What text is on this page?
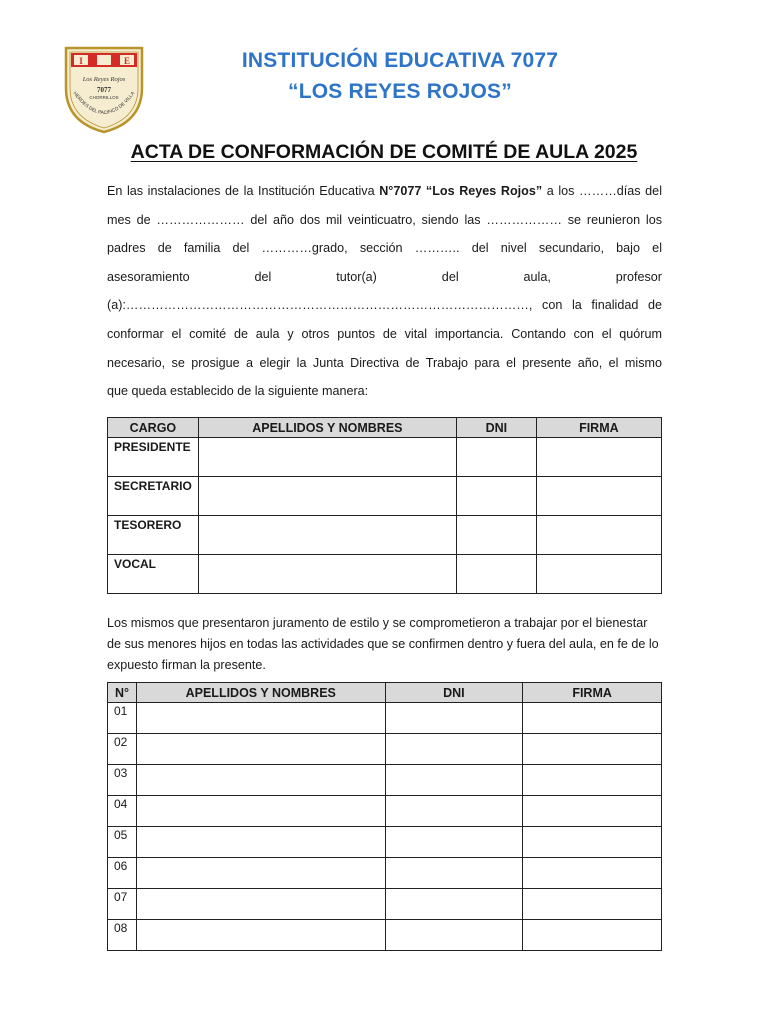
I	E
Los Reyes Rojos
7077
CHORRILLOS
HEROES DEL PACIFICO DE VILLA
INSTITUCIÓN EDUCATIVA 7077
“LOS REYES ROJOS”
ACTA DE CONFORMACIÓN DE COMITÉ DE AULA 2025
En las instalaciones de la Institución Educativa N°7077 “Los Reyes Rojos” a los ………días del
mes de ………………… del año dos mil veinticuatro, siendo las ……………… se reunieron los
padres de familia del …………grado, sección ……….. del nivel secundario, bajo el
asesoramiento del tutor(a) del aula, profesor
(a):……………………………………………………………………………………, con la finalidad de
conformar el comité de aula y otros puntos de vital importancia. Contando con el quórum
necesario, se prosigue a elegir la Junta Directiva de Trabajo para el presente año, el mismo
que queda establecido de la siguiente manera:
CARGO	APELLIDOS Y NOMBRES	DNI	FIRMA
PRESIDENTE			
SECRETARIO			
TESORERO			
VOCAL			
Los mismos que presentaron juramento de estilo y se comprometieron a trabajar por el bienestar
de sus menores hijos en todas las actividades que se confirmen dentro y fuera del aula, en fe de lo
expuesto firman la presente.
N°	APELLIDOS Y NOMBRES	DNI	FIRMA
01			
02			
03			
04			
05			
06			
07			
08			
